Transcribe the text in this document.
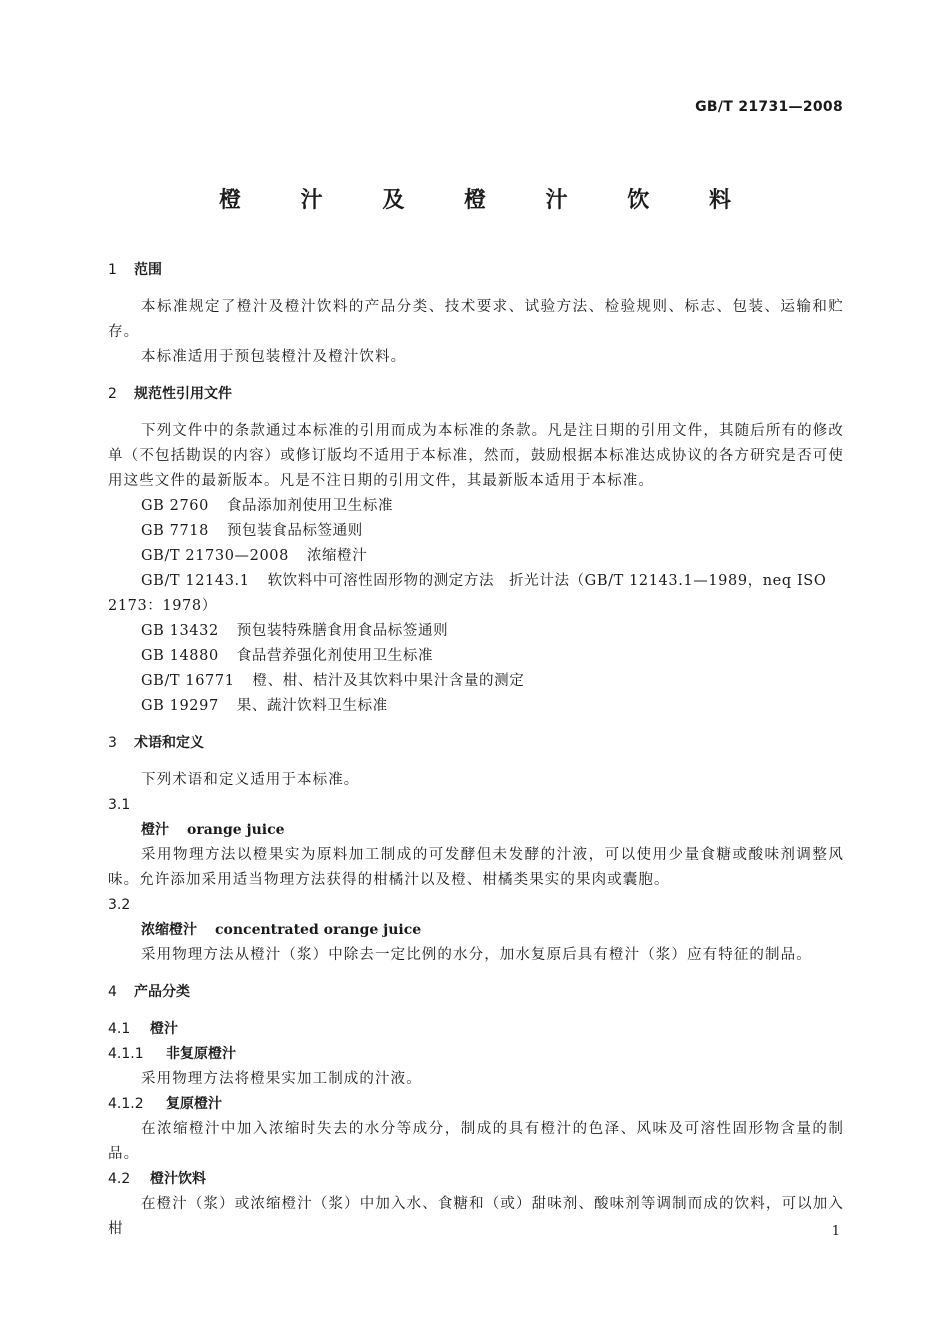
GB/T 21731—2008
橙 汁 及 橙 汁 饮 料
1 范围
本标准规定了橙汁及橙汁饮料的产品分类、技术要求、试验方法、检验规则、标志、包装、运输和贮存。
本标准适用于预包装橙汁及橙汁饮料。
2 规范性引用文件
下列文件中的条款通过本标准的引用而成为本标准的条款。凡是注日期的引用文件，其随后所有的修改单（不包括勘误的内容）或修订版均不适用于本标准，然而，鼓励根据本标准达成协议的各方研究是否可使用这些文件的最新版本。凡是不注日期的引用文件，其最新版本适用于本标准。
GB 2760 食品添加剂使用卫生标准
GB 7718 预包装食品标签通则
GB/T 21730—2008 浓缩橙汁
GB/T 12143.1 软饮料中可溶性固形物的测定方法　折光计法（GB/T 12143.1—1989，neq ISO 2173：1978）
GB 13432 预包装特殊膳食用食品标签通则
GB 14880 食品营养强化剂使用卫生标准
GB/T 16771 橙、柑、桔汁及其饮料中果汁含量的测定
GB 19297 果、蔬汁饮料卫生标准
3 术语和定义
下列术语和定义适用于本标准。
3.1
橙汁 orange juice
采用物理方法以橙果实为原料加工制成的可发酵但未发酵的汁液，可以使用少量食糖或酸味剂调整风味。允许添加采用适当物理方法获得的柑橘汁以及橙、柑橘类果实的果肉或囊胞。
3.2
浓缩橙汁 concentrated orange juice
采用物理方法从橙汁（浆）中除去一定比例的水分，加水复原后具有橙汁（浆）应有特征的制品。
4 产品分类
4.1 橙汁
4.1.1 非复原橙汁
采用物理方法将橙果实加工制成的汁液。
4.1.2 复原橙汁
在浓缩橙汁中加入浓缩时失去的水分等成分，制成的具有橙汁的色泽、风味及可溶性固形物含量的制品。
4.2 橙汁饮料
在橙汁（浆）或浓缩橙汁（浆）中加入水、食糖和（或）甜味剂、酸味剂等调制而成的饮料，可以加入柑	1
